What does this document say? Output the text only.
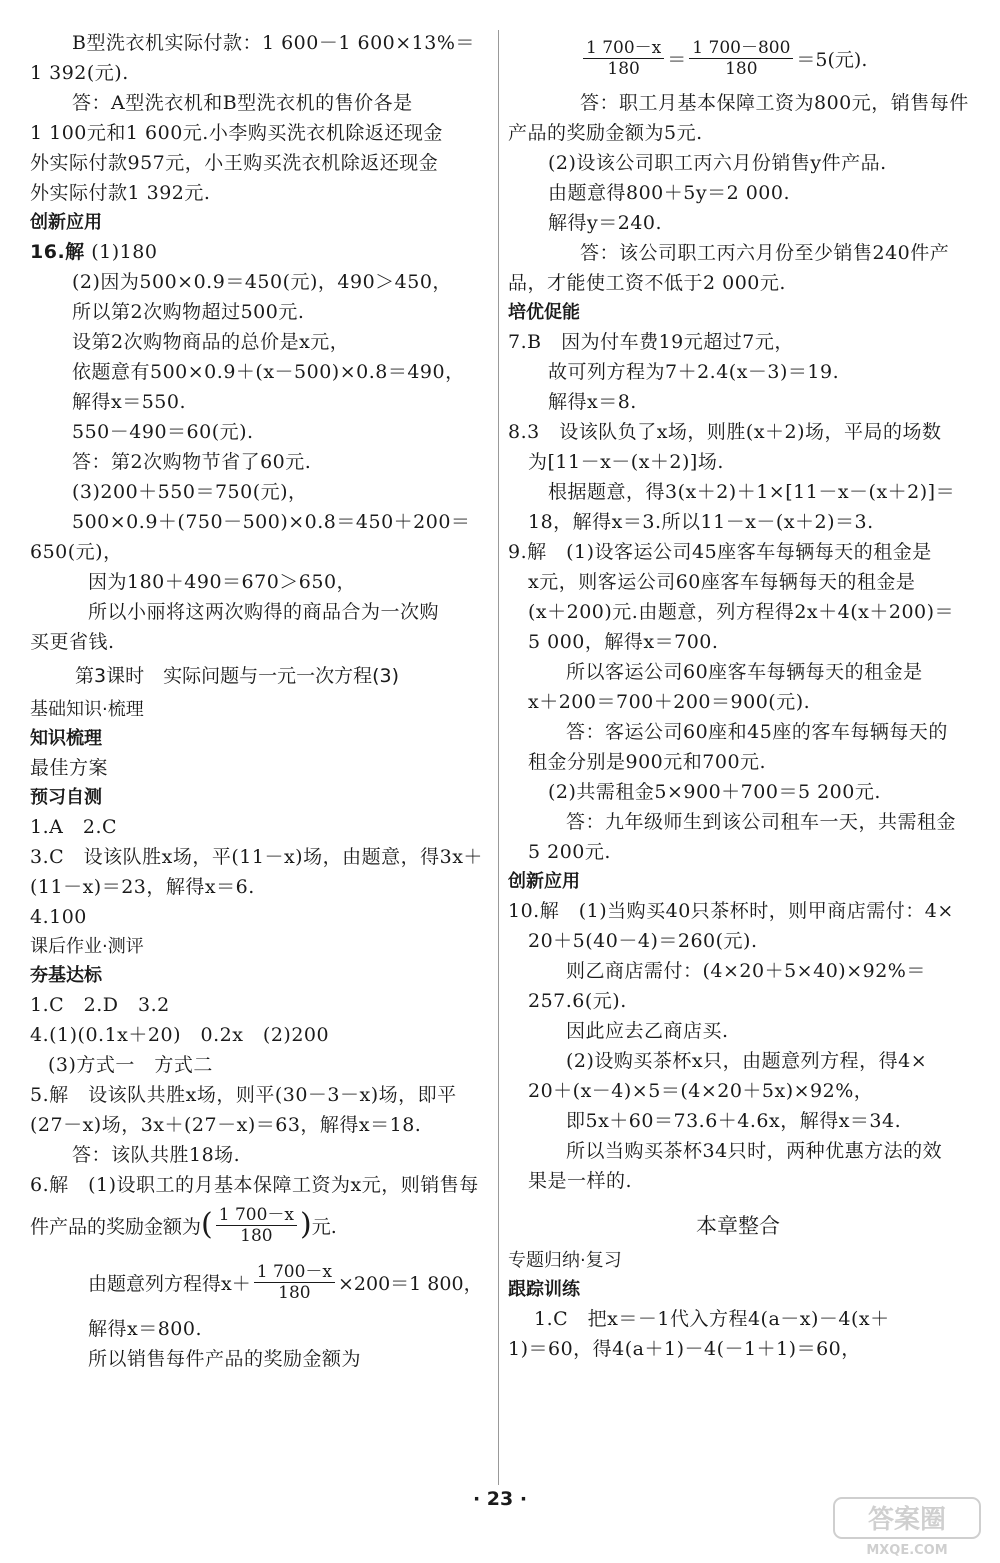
B型洗衣机实际付款：1 600－1 600×13%＝
1 392(元).
答：A型洗衣机和B型洗衣机的售价各是
1 100元和1 600元.小李购买洗衣机除返还现金
外实际付款957元，小王购买洗衣机除返还现金
外实际付款1 392元.
创新应用
16.解 (1)180
(2)因为500×0.9＝450(元)，490＞450，
所以第2次购物超过500元.
设第2次购物商品的总价是x元，
依题意有500×0.9＋(x－500)×0.8＝490，
解得x＝550.
550－490＝60(元).
答：第2次购物节省了60元.
(3)200＋550＝750(元)，
500×0.9＋(750－500)×0.8＝450＋200＝
650(元)，
因为180＋490＝670＞650，
所以小丽将这两次购得的商品合为一次购
买更省钱.
第3课时　实际问题与一元一次方程(3)
基础知识·梳理
知识梳理
最佳方案
预习自测
1.A　2.C
3.C　设该队胜x场，平(11－x)场，由题意，得3x＋
(11－x)＝23，解得x＝6.
4.100
课后作业·测评
夯基达标
1.C　2.D　3.2
4.(1)(0.1x＋20)　0.2x　(2)200
(3)方式一　方式二
5.解　设该队共胜x场，则平(30－3－x)场，即平
(27－x)场，3x＋(27－x)＝63，解得x＝18.
答：该队共胜18场.
6.解　(1)设职工的月基本保障工资为x元，则销售每
件产品的奖励金额为 ( $\frac{1 700-x}{180}$ ) 元.
由题意列方程得$x+ \frac{1 700-x}{180} \times 200=1$ 800，
解得x＝800.
所以销售每件产品的奖励金额为
$\frac{1 700-x}{180} = \frac{1 700-800}{180} =5$(元).
答：职工月基本保障工资为800元，销售每件
产品的奖励金额为5元.
(2)设该公司职工丙六月份销售y件产品.
由题意得800＋5y＝2 000.
解得y＝240.
答：该公司职工丙六月份至少销售240件产
品，才能使工资不低于2 000元.
培优促能
7.B　因为付车费19元超过7元，
故可列方程为7＋2.4(x－3)＝19.
解得x＝8.
8.3　设该队负了x场，则胜(x＋2)场，平局的场数
为[11－x－(x＋2)]场.
根据题意，得3(x＋2)＋1×[11－x－(x＋2)]＝
18，解得x＝3.所以11－x－(x＋2)＝3.
9.解　(1)设客运公司45座客车每辆每天的租金是
x元，则客运公司60座客车每辆每天的租金是
(x＋200)元.由题意，列方程得2x＋4(x＋200)＝
5 000，解得x＝700.
所以客运公司60座客车每辆每天的租金是
x＋200＝700＋200＝900(元).
答：客运公司60座和45座的客车每辆每天的
租金分别是900元和700元.
(2)共需租金5×900＋700＝5 200元.
答：九年级师生到该公司租车一天，共需租金
5 200元.
创新应用
10.解　(1)当购买40只茶杯时，则甲商店需付：4×
20＋5(40－4)＝260(元).
则乙商店需付：(4×20＋5×40)×92%＝
257.6(元).
因此应去乙商店买.
(2)设购买茶杯x只，由题意列方程，得4×
20＋(x－4)×5＝(4×20＋5x)×92%，
即5x＋60＝73.6＋4.6x，解得x＝34.
所以当购买茶杯34只时，两种优惠方法的效
果是一样的.
本章整合
专题归纳·复习
跟踪训练
1.C　把x＝－1代入方程4(a－x)－4(x＋
1)＝60，得4(a＋1)－4(－1＋1)＝60，
· 23 ·
答案圈
MXQE.COM
